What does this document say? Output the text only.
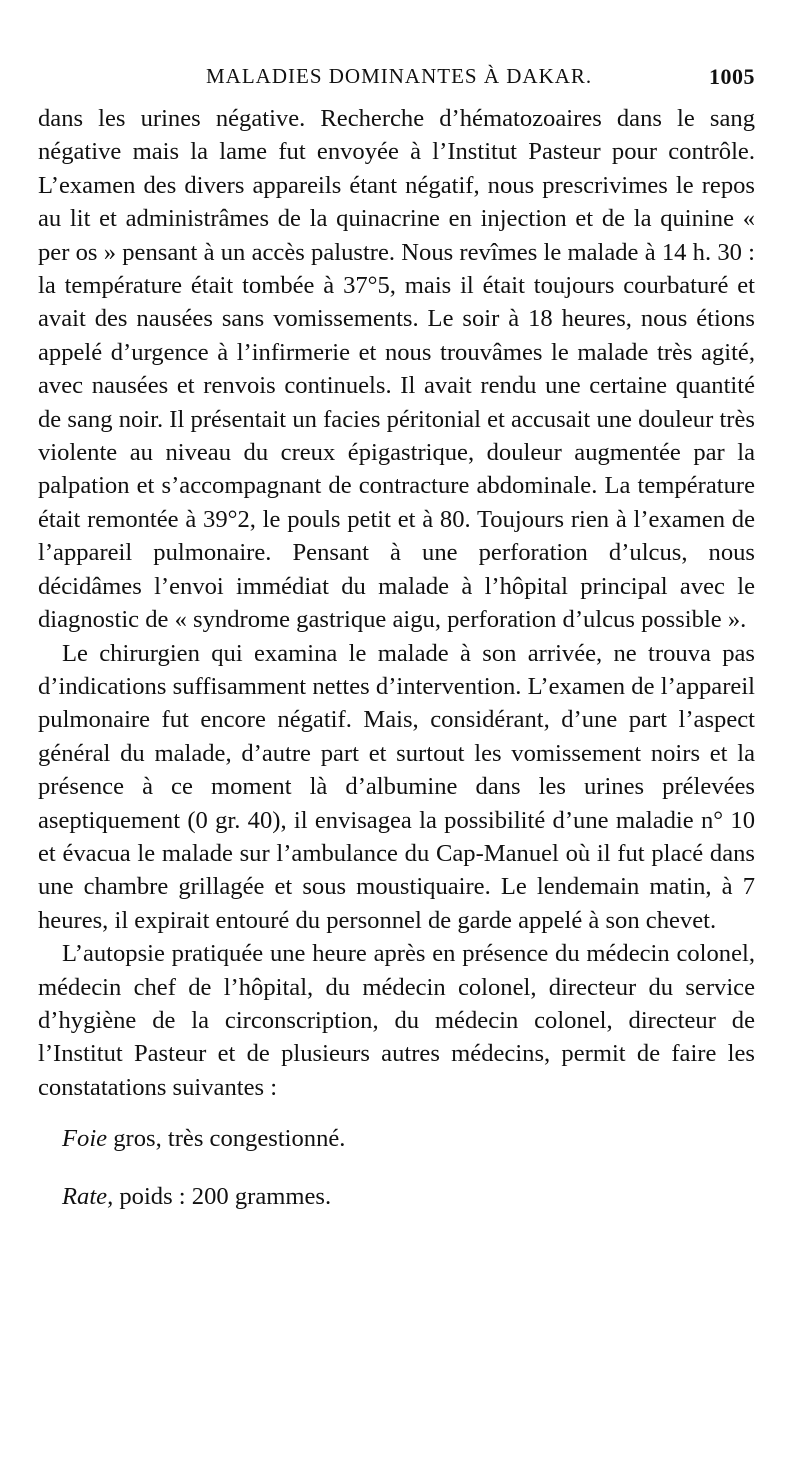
MALADIES DOMINANTES À DAKAR.	1005

dans les urines négative. Recherche d’hématozoaires dans le sang négative mais la lame fut envoyée à l’Institut Pasteur pour contrôle. L’examen des divers appareils étant négatif, nous prescrivimes le repos au lit et administrâmes de la quinacrine en injection et de la quinine « per os » pensant à un accès palustre. Nous revîmes le malade à 14 h. 30 : la température était tombée à 37°5, mais il était toujours courbaturé et avait des nausées sans vomissements. Le soir à 18 heures, nous étions appelé d’urgence à l’infirmerie et nous trouvâmes le malade très agité, avec nausées et renvois continuels. Il avait rendu une certaine quantité de sang noir. Il présentait un facies péritonial et accusait une douleur très violente au niveau du creux épigastrique, douleur augmentée par la palpation et s’accompagnant de contracture abdominale. La température était remontée à 39°2, le pouls petit et à 80. Toujours rien à l’examen de l’appareil pulmonaire. Pensant à une perforation d’ulcus, nous décidâmes l’envoi immédiat du malade à l’hôpital principal avec le diagnostic de « syndrome gastrique aigu, perforation d’ulcus possible ».

Le chirurgien qui examina le malade à son arrivée, ne trouva pas d’indications suffisamment nettes d’intervention. L’examen de l’appareil pulmonaire fut encore négatif. Mais, considérant, d’une part l’aspect général du malade, d’autre part et surtout les vomissement noirs et la présence à ce moment là d’albumine dans les urines prélevées aseptiquement (0 gr. 40), il envisagea la possibilité d’une maladie n° 10 et évacua le malade sur l’ambulance du Cap-Manuel où il fut placé dans une chambre grillagée et sous moustiquaire. Le lendemain matin, à 7 heures, il expirait entouré du personnel de garde appelé à son chevet.

L’autopsie pratiquée une heure après en présence du médecin colonel, médecin chef de l’hôpital, du médecin colonel, directeur du service d’hygiène de la circonscription, du médecin colonel, directeur de l’Institut Pasteur et de plusieurs autres médecins, permit de faire les constatations suivantes :

Foie gros, très congestionné.

Rate, poids : 200 grammes.
